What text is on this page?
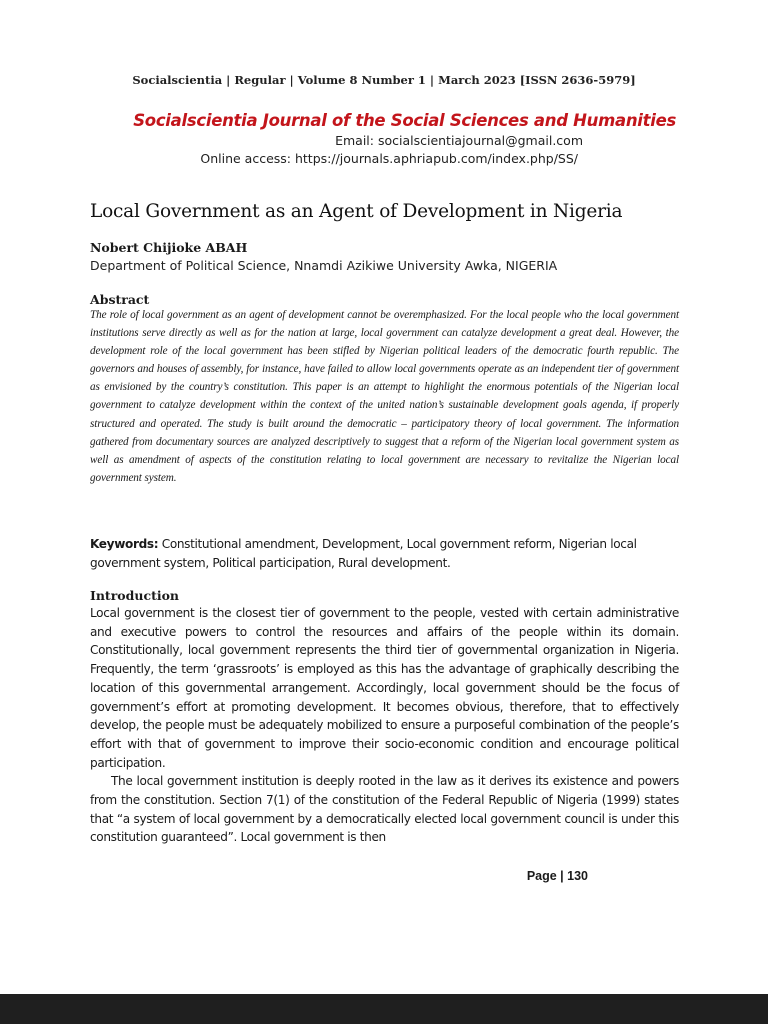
Socialscientia | Regular | Volume 8 Number 1 | March 2023 [ISSN 2636-5979]
Socialscientia Journal of the Social Sciences and Humanities
Email: socialscientiajournal@gmail.com
Online access: https://journals.aphriapub.com/index.php/SS/
Local Government as an Agent of Development in Nigeria
Nobert Chijioke ABAH
Department of Political Science, Nnamdi Azikiwe University Awka, NIGERIA
Abstract
The role of local government as an agent of development cannot be overemphasized. For the local people who the local government institutions serve directly as well as for the nation at large, local government can catalyze development a great deal. However, the development role of the local government has been stifled by Nigerian political leaders of the democratic fourth republic. The governors and houses of assembly, for instance, have failed to allow local governments operate as an independent tier of government as envisioned by the country’s constitution. This paper is an attempt to highlight the enormous potentials of the Nigerian local government to catalyze development within the context of the united nation’s sustainable development goals agenda, if properly structured and operated. The study is built around the democratic – participatory theory of local government. The information gathered from documentary sources are analyzed descriptively to suggest that a reform of the Nigerian local government system as well as amendment of aspects of the constitution relating to local government are necessary to revitalize the Nigerian local government system.
Keywords: Constitutional amendment, Development, Local government reform, Nigerian local government system, Political participation, Rural development.
Introduction

Local government is the closest tier of government to the people, vested with certain administrative and executive powers to control the resources and affairs of the people within its domain. Constitutionally, local government represents the third tier of governmental organization in Nigeria. Frequently, the term ‘grassroots’ is employed as this has the advantage of graphically describing the location of this governmental arrangement. Accordingly, local government should be the focus of government’s effort at promoting development. It becomes obvious, therefore, that to effectively develop, the people must be adequately mobilized to ensure a purposeful combination of the people’s effort with that of government to improve their socio-economic condition and encourage political participation.

The local government institution is deeply rooted in the law as it derives its existence and powers from the constitution. Section 7(1) of the constitution of the Federal Republic of Nigeria (1999) states that “a system of local government by a democratically elected local government council is under this constitution guaranteed”. Local government is then

Page | 130
